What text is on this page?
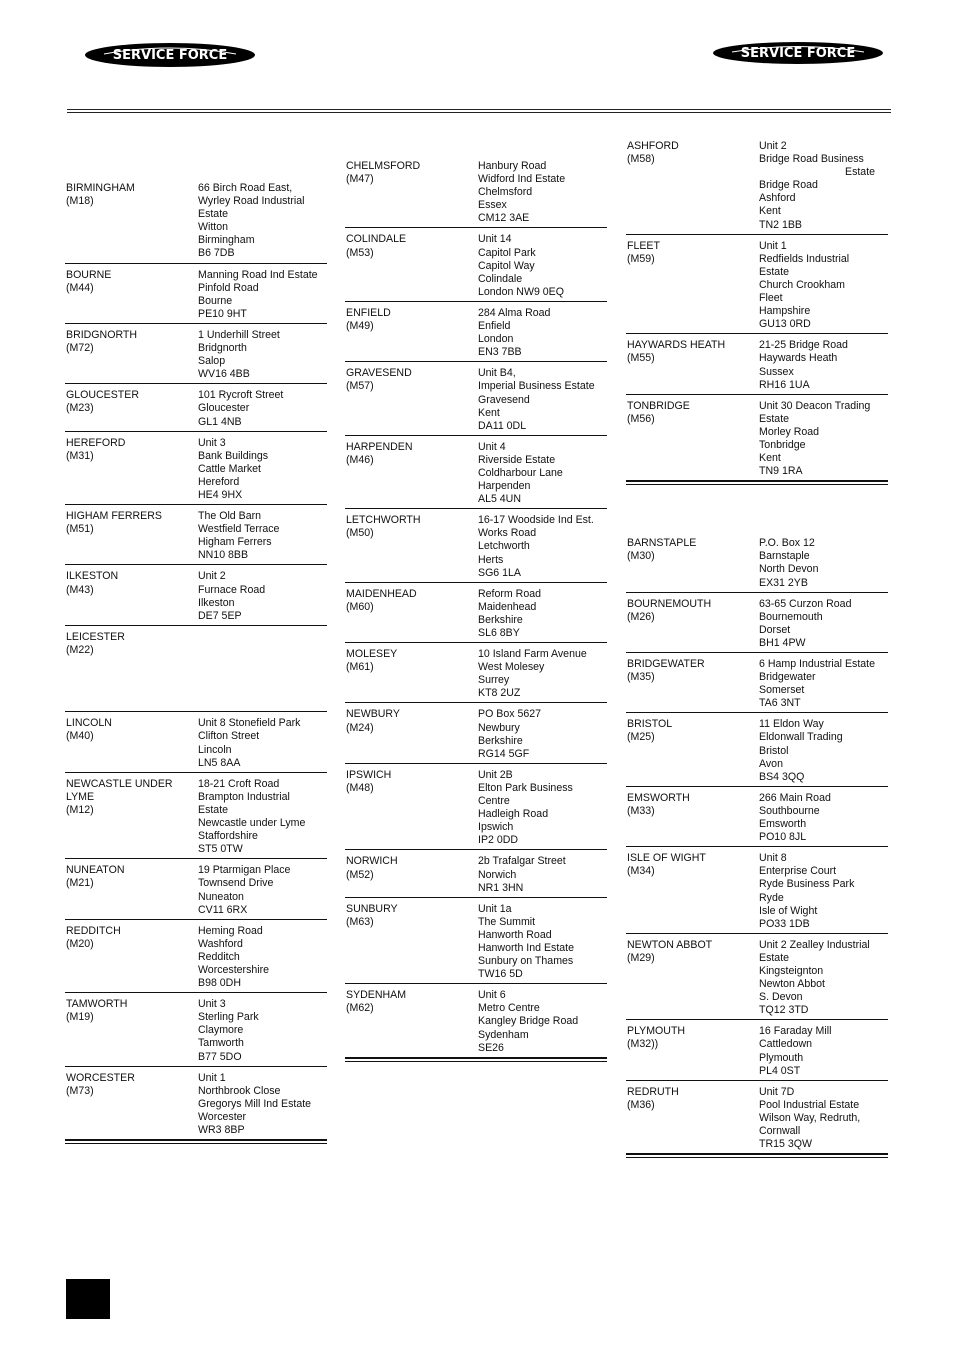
SERVICE FORCE	SERVICE FORCE
BIRMINGHAM
(M18)
66 Birch Road East,
Wyrley Road Industrial
Estate
Witton
Birmingham
B6 7DB
BOURNE
(M44)
Manning Road Ind Estate
Pinfold Road
Bourne
PE10 9HT
BRIDGNORTH
(M72)
1 Underhill Street
Bridgnorth
Salop
WV16 4BB
GLOUCESTER
(M23)
101 Rycroft Street
Gloucester
GL1 4NB
HEREFORD
(M31)
Unit 3
Bank Buildings
Cattle Market
Hereford
HE4 9HX
HIGHAM FERRERS
(M51)
The Old Barn
Westfield Terrace
Higham Ferrers
NN10 8BB
ILKESTON
(M43)
Unit 2
Furnace Road
Ilkeston
DE7 5EP
LEICESTER
(M22)

LINCOLN
(M40)
Unit 8 Stonefield Park
Clifton Street
Lincoln
LN5 8AA
NEWCASTLE UNDER LYME
(M12)
18-21 Croft Road
Brampton Industrial
Estate
Newcastle under Lyme
Staffordshire
ST5 0TW
NUNEATON
(M21)
19 Ptarmigan Place
Townsend Drive
Nuneaton
CV11 6RX
REDDITCH
(M20)
Heming Road
Washford
Redditch
Worcestershire
B98 0DH
TAMWORTH
(M19)
Unit 3
Sterling Park
Claymore
Tamworth
B77 5DO
WORCESTER
(M73)
Unit 1
Northbrook Close
Gregorys Mill Ind Estate
Worcester
WR3 8BP
CHELMSFORD
(M47)
Hanbury Road
Widford Ind Estate
Chelmsford
Essex
CM12 3AE
COLINDALE
(M53)
Unit 14
Capitol Park
Capitol Way
Colindale
London NW9 0EQ
ENFIELD
(M49)
284 Alma Road
Enfield
London
EN3 7BB
GRAVESEND
(M57)
Unit B4,
Imperial Business Estate
Gravesend
Kent
DA11 0DL
HARPENDEN
(M46)
Unit 4
Riverside Estate
Coldharbour Lane
Harpenden
AL5 4UN
LETCHWORTH
(M50)
16-17 Woodside Ind Est.
Works Road
Letchworth
Herts
SG6 1LA
MAIDENHEAD
(M60)
Reform Road
Maidenhead
Berkshire
SL6 8BY
MOLESEY
(M61)
10 Island Farm Avenue
West Molesey
Surrey
KT8 2UZ
NEWBURY
(M24)
PO Box 5627
Newbury
Berkshire
RG14 5GF
IPSWICH
(M48)
Unit 2B
Elton Park Business
Centre
Hadleigh Road
Ipswich
IP2 0DD
NORWICH
(M52)
2b Trafalgar Street
Norwich
NR1 3HN
SUNBURY
(M63)
Unit 1a
The Summit
Hanworth Road
Hanworth Ind Estate
Sunbury on Thames
TW16 5D
SYDENHAM
(M62)
Unit 6
Metro Centre
Kangley Bridge Road
Sydenham
SE26
ASHFORD
(M58)
Unit 2
Bridge Road Business
Estate
Bridge Road
Ashford
Kent
TN2 1BB
FLEET
(M59)
Unit 1
Redfields Industrial
Estate
Church Crookham
Fleet
Hampshire
GU13 0RD
HAYWARDS HEATH
(M55)
21-25 Bridge Road
Haywards Heath
Sussex
RH16 1UA
TONBRIDGE
(M56)
Unit 30 Deacon Trading
Estate
Morley Road
Tonbridge
Kent
TN9 1RA
BARNSTAPLE
(M30)
P.O. Box 12
Barnstaple
North Devon
EX31 2YB
BOURNEMOUTH
(M26)
63-65 Curzon Road
Bournemouth
Dorset
BH1 4PW
BRIDGEWATER
(M35)
6 Hamp Industrial Estate
Bridgewater
Somerset
TA6 3NT
BRISTOL
(M25)
11 Eldon Way
Eldonwall Trading
Bristol
Avon
BS4 3QQ
EMSWORTH
(M33)
266 Main Road
Southbourne
Emsworth
PO10 8JL
ISLE OF WIGHT
(M34)
Unit 8
Enterprise Court
Ryde Business Park
Ryde
Isle of Wight
PO33 1DB
NEWTON ABBOT
(M29)
Unit 2 Zealley Industrial
Estate
Kingsteignton
Newton Abbot
S. Devon
TQ12 3TD
PLYMOUTH
(M32))
16 Faraday Mill
Cattledown
Plymouth
PL4 0ST
REDRUTH
(M36)
Unit 7D
Pool Industrial Estate
Wilson Way, Redruth,
Cornwall
TR15 3QW
